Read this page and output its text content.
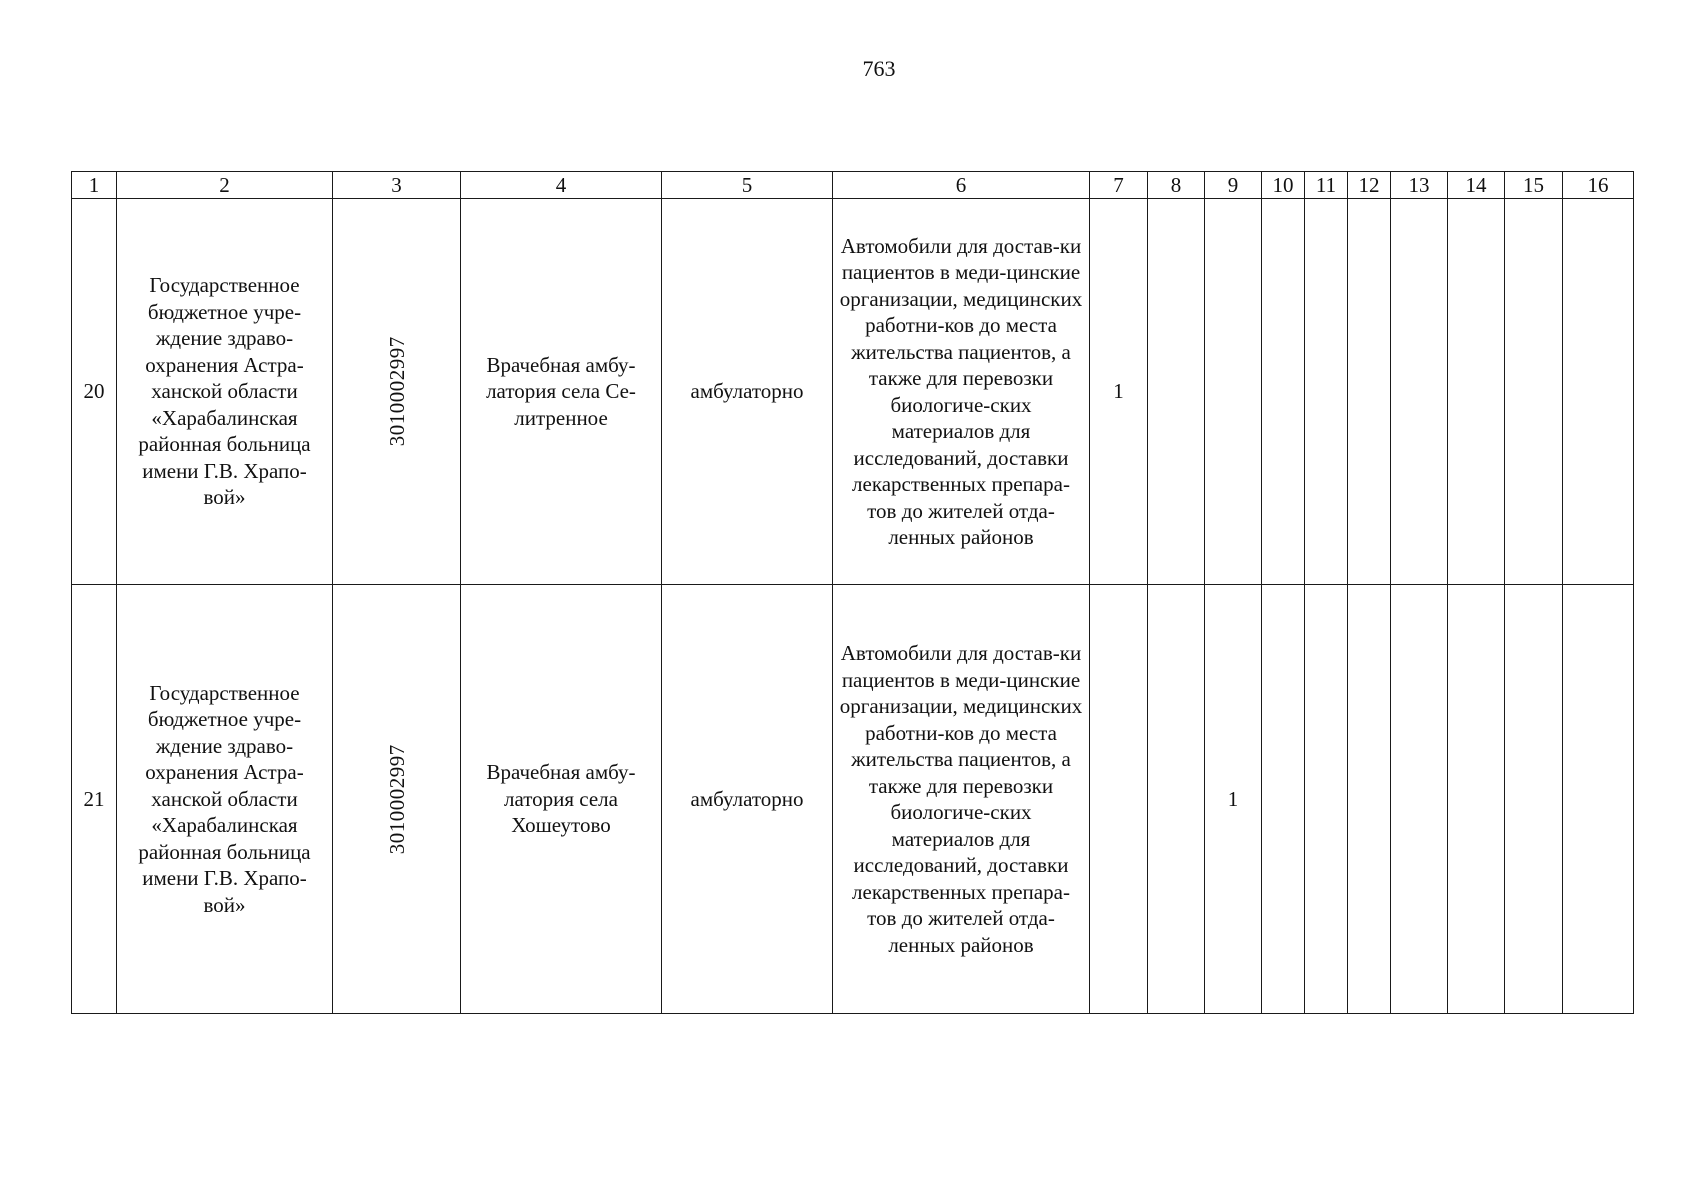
763
1	2	3	4	5	6	7	8	9	10	11	12	13	14	15	16
20	Государственное бюджетное учре-ждение здраво-охранения Астра-ханской области «Харабалинская районная больница имени Г.В. Храпо-вой»	3010002997	Врачебная амбу-латория села Се-литренное	амбулаторно	Автомобили для достав-ки пациентов в меди-цинские организации, медицинских работни-ков до места жительства пациентов, а также для перевозки биологиче-ских материалов для исследований, доставки лекарственных препара-тов до жителей отда-ленных районов	1									
21	Государственное бюджетное учре-ждение здраво-охранения Астра-ханской области «Харабалинская районная больница имени Г.В. Храпо-вой»	3010002997	Врачебная амбу-латория села Хошеутово	амбулаторно	Автомобили для достав-ки пациентов в меди-цинские организации, медицинских работни-ков до места жительства пациентов, а также для перевозки биологиче-ских материалов для исследований, доставки лекарственных препара-тов до жителей отда-ленных районов			1							
